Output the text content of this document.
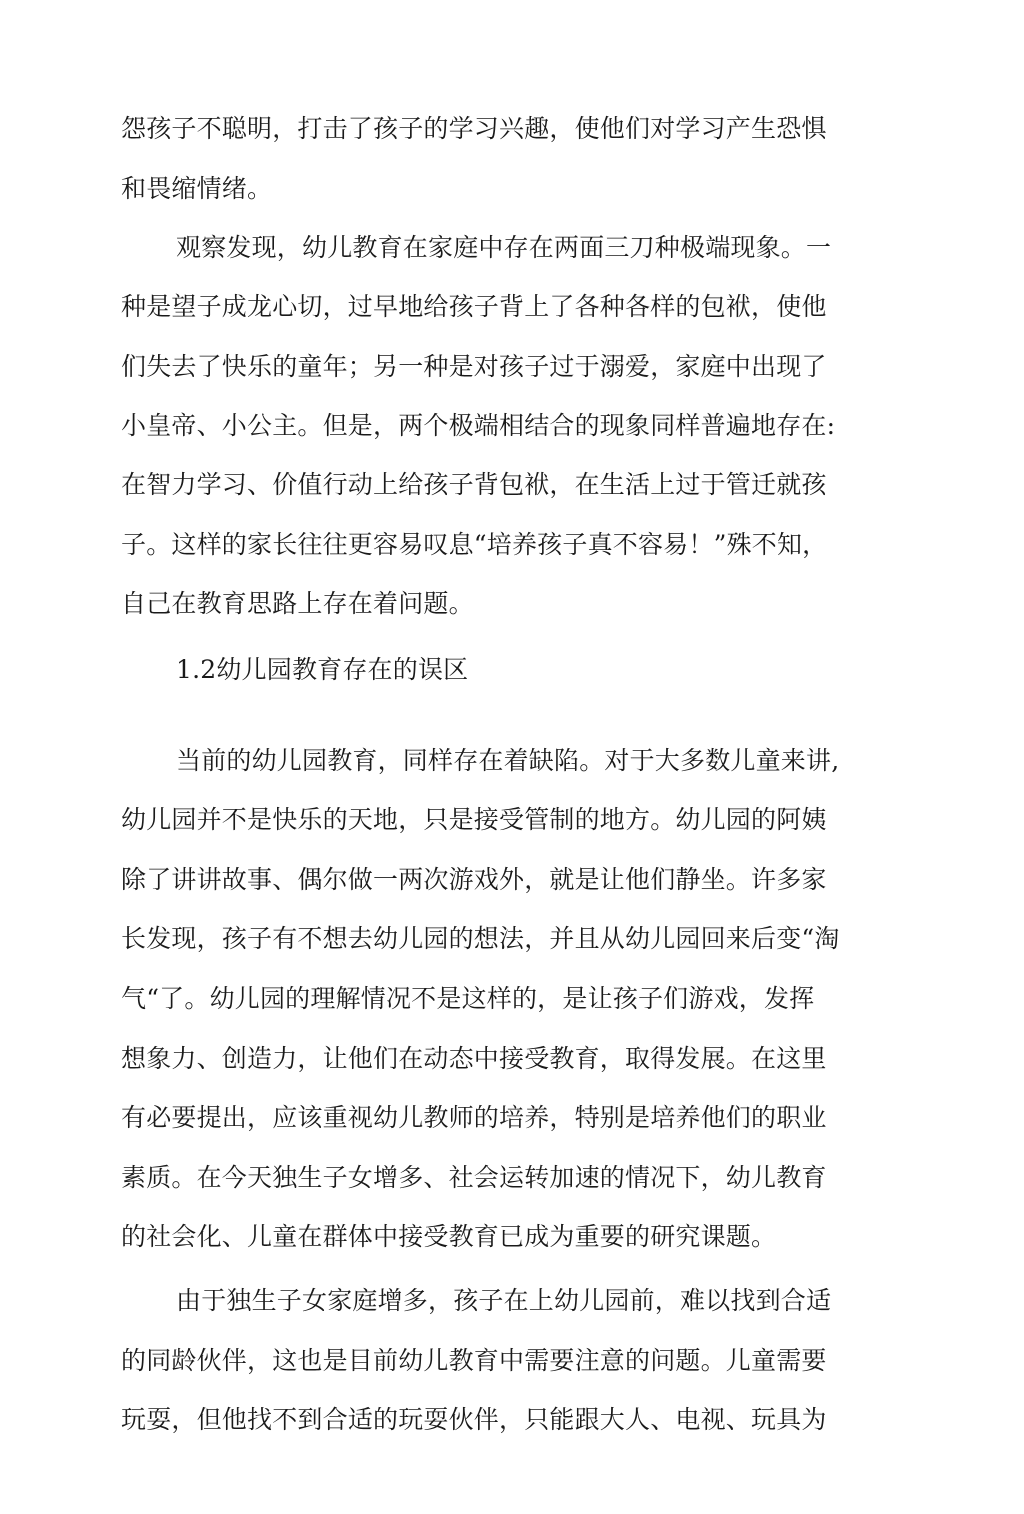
怨孩子不聪明，打击了孩子的学习兴趣，使他们对学习产生恐惧
和畏缩情绪。
观察发现，幼儿教育在家庭中存在两面三刀种极端现象。一
种是望子成龙心切，过早地给孩子背上了各种各样的包袱，使他
们失去了快乐的童年；另一种是对孩子过于溺爱，家庭中出现了
小皇帝、小公主。但是，两个极端相结合的现象同样普遍地存在:
在智力学习、价值行动上给孩子背包袱，在生活上过于管迁就孩
子。这样的家长往往更容易叹息“培养孩子真不容易！”殊不知，
自己在教育思路上存在着问题。
1.2幼儿园教育存在的误区
当前的幼儿园教育，同样存在着缺陷。对于大多数儿童来讲,
幼儿园并不是快乐的天地，只是接受管制的地方。幼儿园的阿姨
除了讲讲故事、偶尔做一两次游戏外，就是让他们静坐。许多家
长发现，孩子有不想去幼儿园的想法，并且从幼儿园回来后变“淘
气“了。幼儿园的理解情况不是这样的，是让孩子们游戏，发挥
想象力、创造力，让他们在动态中接受教育，取得发展。在这里
有必要提出，应该重视幼儿教师的培养，特别是培养他们的职业
素质。在今天独生子女增多、社会运转加速的情况下，幼儿教育
的社会化、儿童在群体中接受教育已成为重要的研究课题。
由于独生子女家庭增多，孩子在上幼儿园前，难以找到合适
的同龄伙伴，这也是目前幼儿教育中需要注意的问题。儿童需要
玩耍，但他找不到合适的玩耍伙伴，只能跟大人、电视、玩具为
